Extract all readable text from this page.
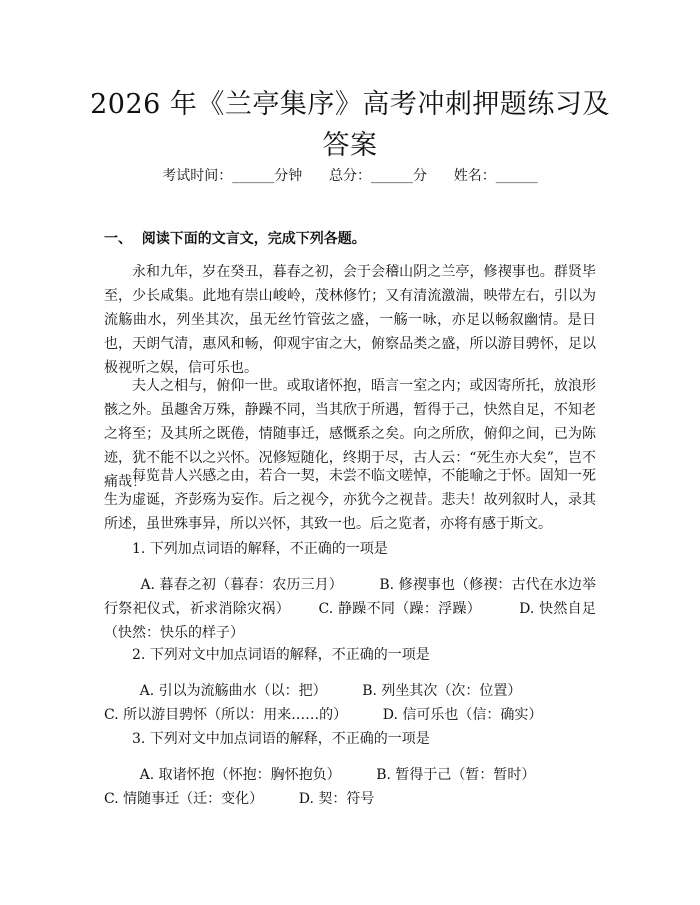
2026 年《兰亭集序》高考冲刺押题练习及答案
考试时间：______分钟      总分：______分      姓名：______
一、  阅读下面的文言文，完成下列各题。
永和九年，岁在癸丑，暮春之初，会于会稽山阴之兰亭，修禊事也。群贤毕至，少长咸集。此地有崇山峻岭，茂林修竹；又有清流激湍，映带左右，引以为流觞曲水，列坐其次，虽无丝竹管弦之盛，一觞一咏，亦足以畅叙幽情。是日也，天朗气清，惠风和畅，仰观宇宙之大，俯察品类之盛，所以游目骋怀，足以极视听之娱，信可乐也。
夫人之相与，俯仰一世。或取诸怀抱，晤言一室之内；或因寄所托，放浪形骸之外。虽趣舍万殊，静躁不同，当其欣于所遇，暂得于己，快然自足，不知老之将至；及其所之既倦，情随事迁，感慨系之矣。向之所欣，俯仰之间，已为陈迹，犹不能不以之兴怀。况修短随化，终期于尽，古人云：“死生亦大矣”，岂不痛哉！
每览昔人兴感之由，若合一契，未尝不临文嗟悼，不能喻之于怀。固知一死生为虚诞，齐彭殇为妄作。后之视今，亦犹今之视昔。悲夫！故列叙时人，录其所述，虽世殊事异，所以兴怀，其致一也。后之览者，亦将有感于斯文。
1. 下列加点词语的解释，不正确的一项是
A. 暮春之初（暮春：农历三月）        B. 修禊事也（修禊：古代在水边举行祭祀仪式，祈求消除灾祸）      C. 静躁不同（躁：浮躁）        D. 快然自足（快然：快乐的样子）
2. 下列对文中加点词语的解释，不正确的一项是
A. 引以为流觞曲水（以：把）        B. 列坐其次（次：位置）
C. 所以游目骋怀（所以：用来……的）        D. 信可乐也（信：确实）
3. 下列对文中加点词语的解释，不正确的一项是
A. 取诸怀抱（怀抱：胸怀抱负）        B. 暂得于己（暂：暂时）
C. 情随事迁（迁：变化）        D. 契：符号
